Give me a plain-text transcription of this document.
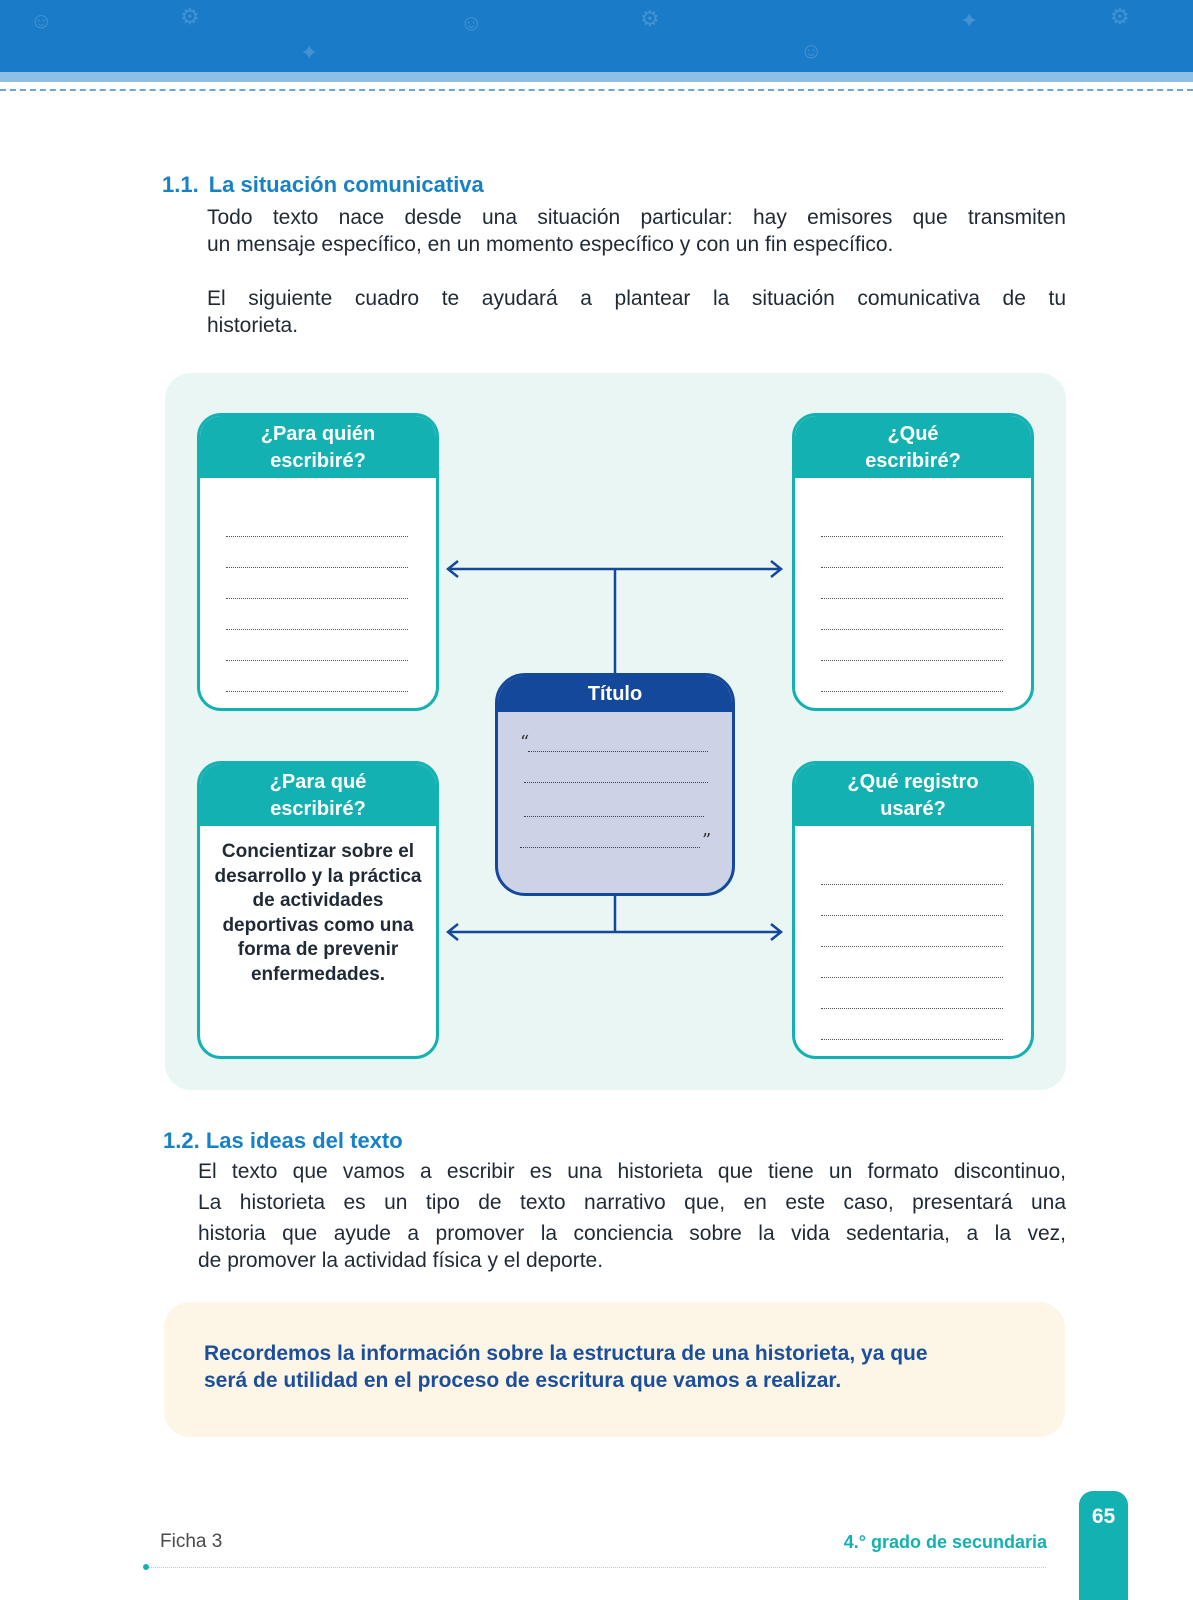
☺	⚙
✦
☺	⚙
☺
✦	⚙
1.1. La situación comunicativa
Todo texto nace desde una situación particular: hay emisores que transmiten
un mensaje específico, en un momento específico y con un fin específico.
El siguiente cuadro te ayudará a plantear la situación comunicativa de tu
historieta.
¿Para quién
escribiré?
¿Qué
escribiré?
¿Para qué
escribiré?
Concientizar sobre el desarrollo y la práctica de actividades deportivas como una forma de prevenir enfermedades.
¿Qué registro
usaré?
Título
“
”
1.2. Las ideas del texto
El texto que vamos a escribir es una historieta que tiene un formato discontinuo,
La historieta es un tipo de texto narrativo que, en este caso, presentará una
historia que ayude a promover la conciencia sobre la vida sedentaria, a la vez,
de promover la actividad física y el deporte.
Recordemos la información sobre la estructura de una historieta, ya que
será de utilidad en el proceso de escritura que vamos a realizar.
Ficha 3	4.° grado de secundaria
65
